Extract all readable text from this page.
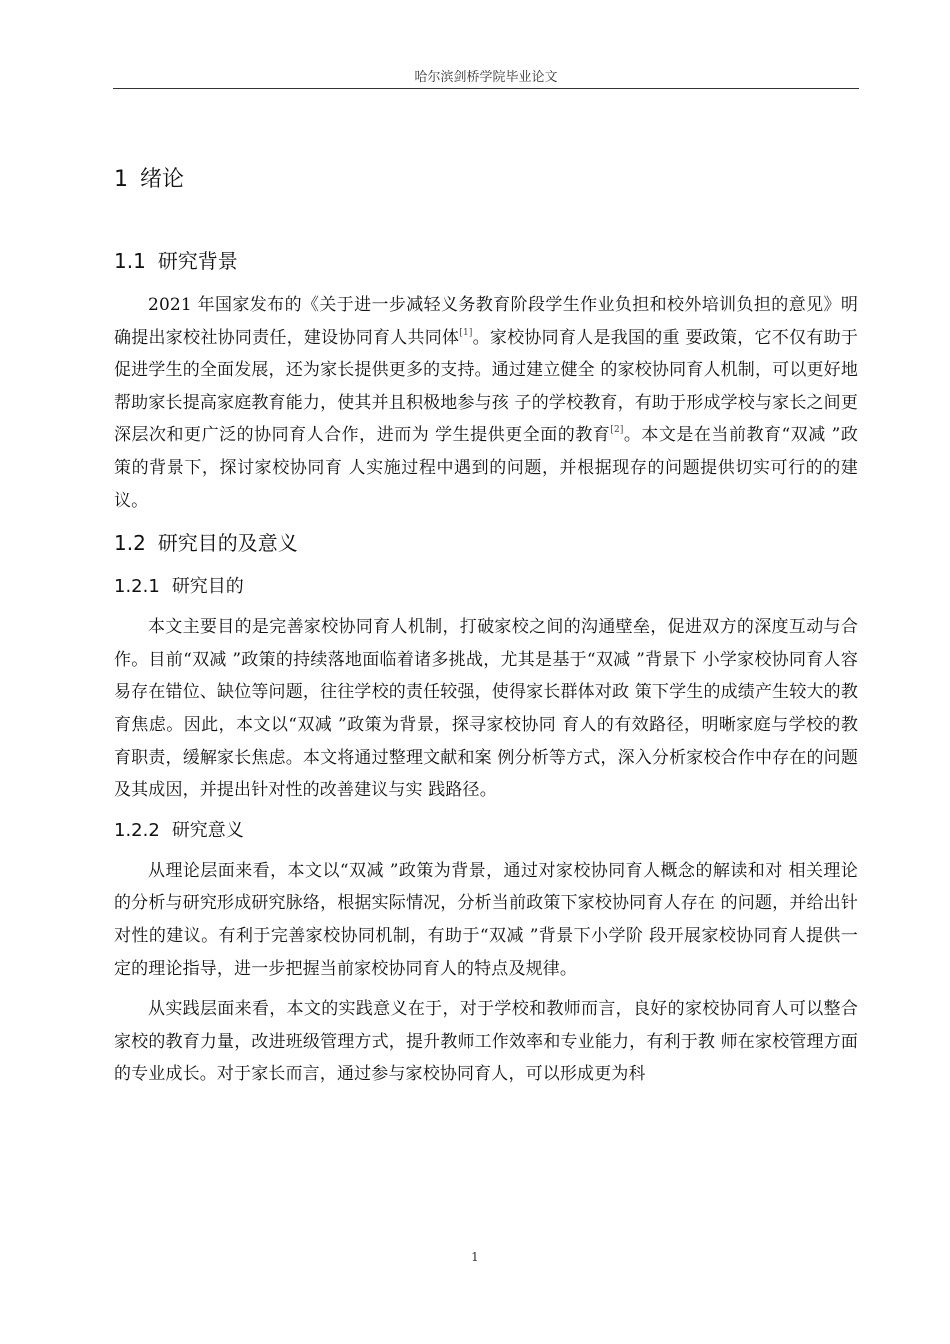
哈尔滨剑桥学院毕业论文
1 绪论
1.1 研究背景

2021 年国家发布的《关于进一步减轻义务教育阶段学生作业负担和校外培训负担的意见》明确提出家校社协同责任，建设协同育人共同体[1]。家校协同育人是我国的重 要政策，它不仅有助于促进学生的全面发展，还为家长提供更多的支持。通过建立健全 的家校协同育人机制，可以更好地帮助家长提高家庭教育能力，使其并且积极地参与孩 子的学校教育，有助于形成学校与家长之间更深层次和更广泛的协同育人合作，进而为 学生提供更全面的教育[2]。本文是在当前教育“双减 ”政策的背景下，探讨家校协同育 人实施过程中遇到的问题，并根据现存的问题提供切实可行的的建议。

1.2 研究目的及意义
1.2.1 研究目的

本文主要目的是完善家校协同育人机制，打破家校之间的沟通壁垒，促进双方的深度互动与合作。目前“双减 ”政策的持续落地面临着诸多挑战，尤其是基于“双减 ”背景下 小学家校协同育人容易存在错位、缺位等问题，往往学校的责任较强，使得家长群体对政 策下学生的成绩产生较大的教育焦虑。因此，本文以“双减 ”政策为背景，探寻家校协同 育人的有效路径，明晰家庭与学校的教育职责，缓解家长焦虑。本文将通过整理文献和案 例分析等方式，深入分析家校合作中存在的问题及其成因，并提出针对性的改善建议与实 践路径。

1.2.2 研究意义

从理论层面来看，本文以“双减 ”政策为背景，通过对家校协同育人概念的解读和对 相关理论的分析与研究形成研究脉络，根据实际情况，分析当前政策下家校协同育人存在 的问题，并给出针对性的建议。有利于完善家校协同机制，有助于“双减 ”背景下小学阶 段开展家校协同育人提供一定的理论指导，进一步把握当前家校协同育人的特点及规律。

从实践层面来看，本文的实践意义在于，对于学校和教师而言，良好的家校协同育人可以整合家校的教育力量，改进班级管理方式，提升教师工作效率和专业能力，有利于教 师在家校管理方面的专业成长。对于家长而言，通过参与家校协同育人，可以形成更为科

1
